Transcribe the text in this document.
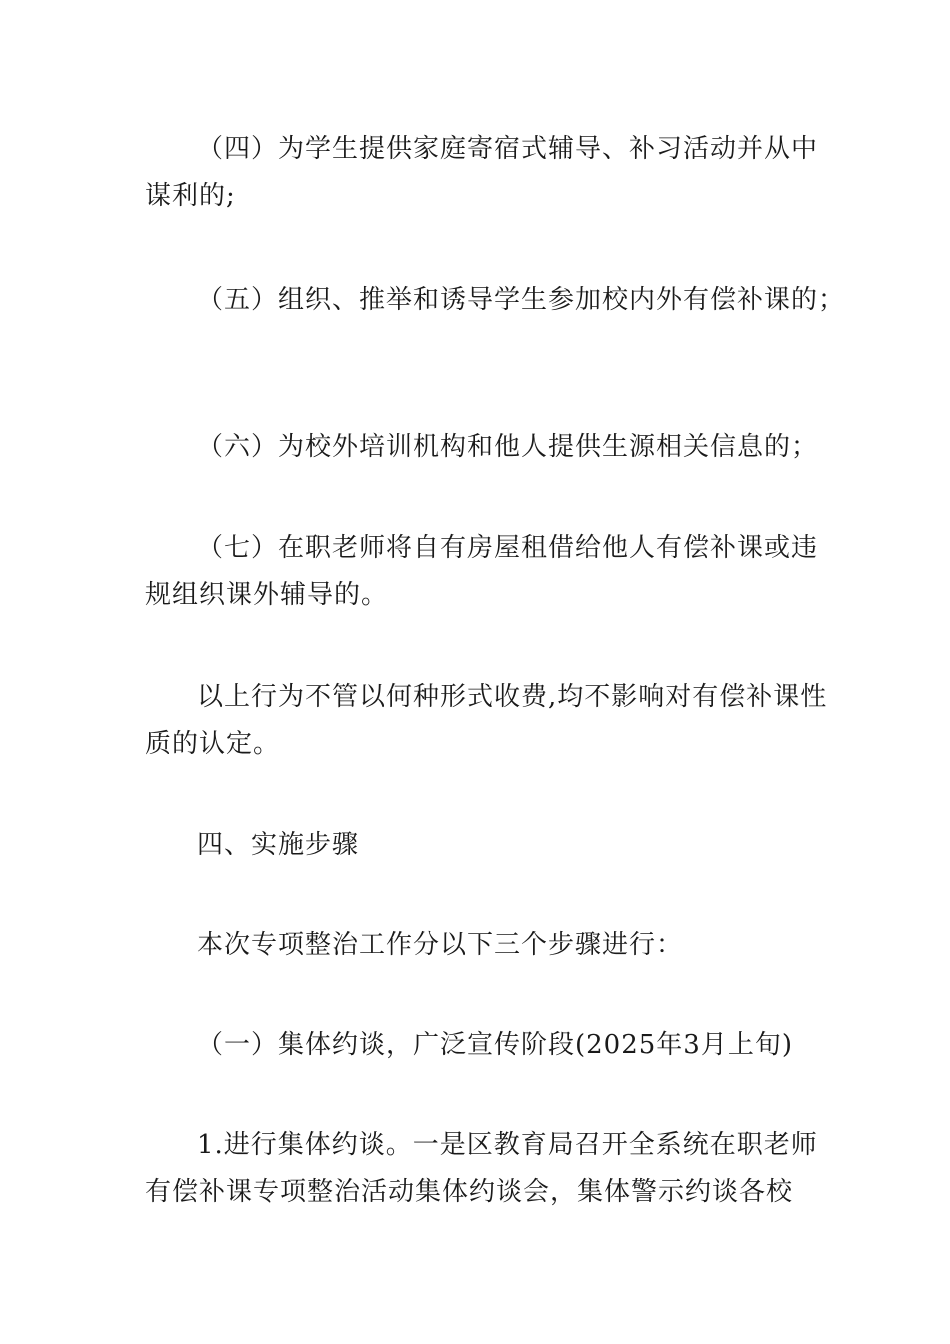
（四）为学生提供家庭寄宿式辅导、补习活动并从中
谋利的;
（五）组织、推举和诱导学生参加校内外有偿补课的；
（六）为校外培训机构和他人提供生源相关信息的；
（七）在职老师将自有房屋租借给他人有偿补课或违
规组织课外辅导的。
以上行为不管以何种形式收费,均不影响对有偿补课性
质的认定。
四、实施步骤
本次专项整治工作分以下三个步骤进行：
（一）集体约谈，广泛宣传阶段(2025年3月上旬)
1.进行集体约谈。一是区教育局召开全系统在职老师
有偿补课专项整治活动集体约谈会，集体警示约谈各校
